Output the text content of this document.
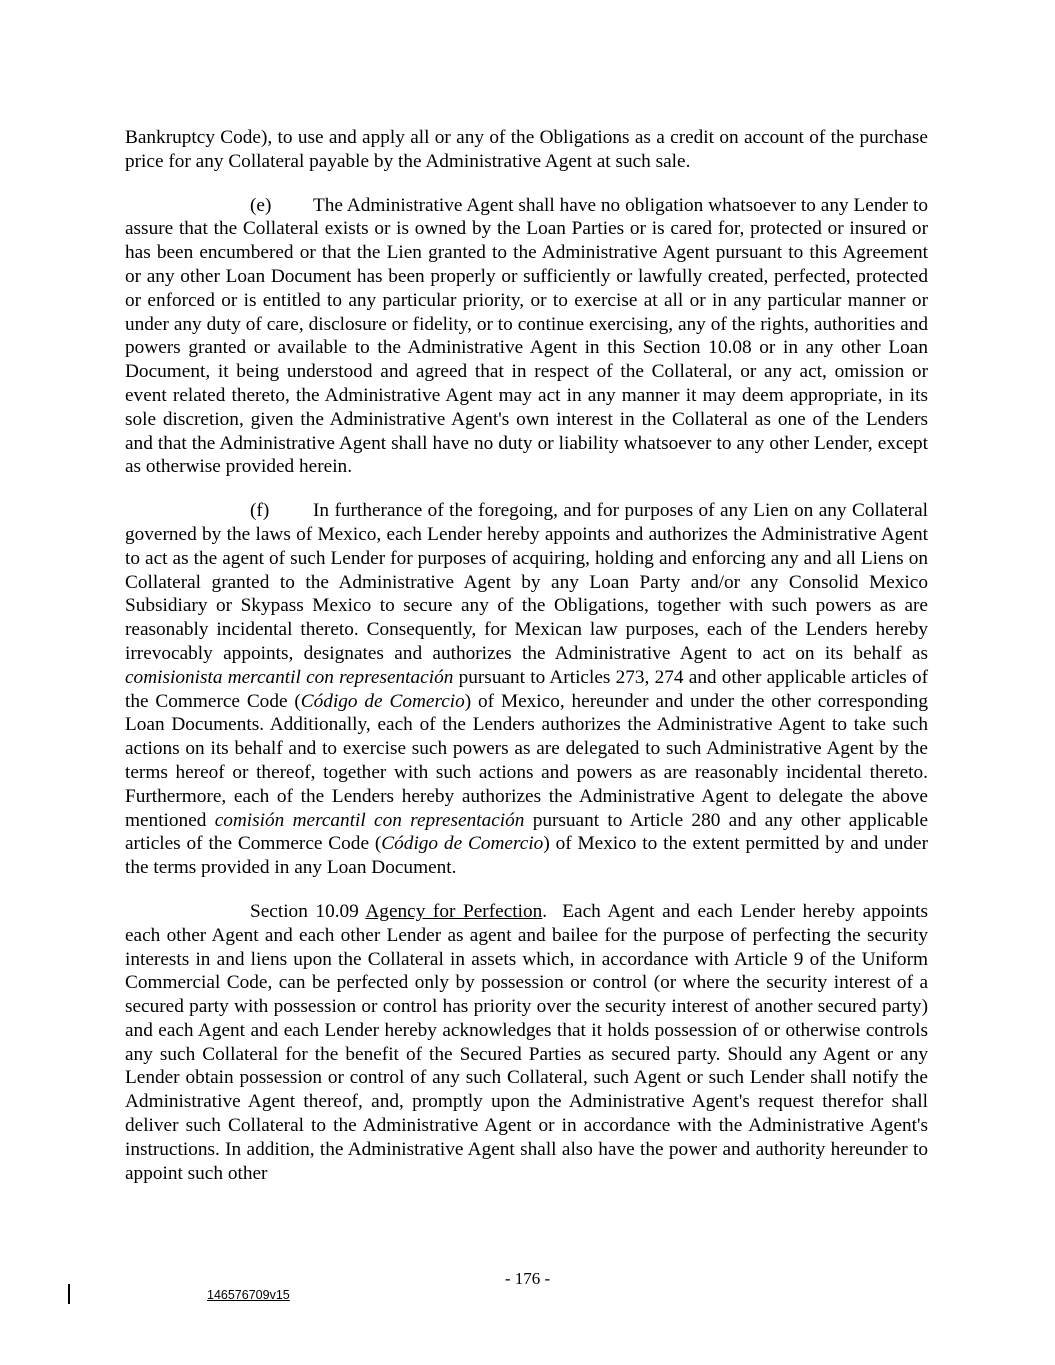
Bankruptcy Code), to use and apply all or any of the Obligations as a credit on account of the purchase price for any Collateral payable by the Administrative Agent at such sale.

(e) The Administrative Agent shall have no obligation whatsoever to any Lender to assure that the Collateral exists or is owned by the Loan Parties or is cared for, protected or insured or has been encumbered or that the Lien granted to the Administrative Agent pursuant to this Agreement or any other Loan Document has been properly or sufficiently or lawfully created, perfected, protected or enforced or is entitled to any particular priority, or to exercise at all or in any particular manner or under any duty of care, disclosure or fidelity, or to continue exercising, any of the rights, authorities and powers granted or available to the Administrative Agent in this Section 10.08 or in any other Loan Document, it being understood and agreed that in respect of the Collateral, or any act, omission or event related thereto, the Administrative Agent may act in any manner it may deem appropriate, in its sole discretion, given the Administrative Agent's own interest in the Collateral as one of the Lenders and that the Administrative Agent shall have no duty or liability whatsoever to any other Lender, except as otherwise provided herein.

(f) In furtherance of the foregoing, and for purposes of any Lien on any Collateral governed by the laws of Mexico, each Lender hereby appoints and authorizes the Administrative Agent to act as the agent of such Lender for purposes of acquiring, holding and enforcing any and all Liens on Collateral granted to the Administrative Agent by any Loan Party and/or any Consolid Mexico Subsidiary or Skypass Mexico to secure any of the Obligations, together with such powers as are reasonably incidental thereto. Consequently, for Mexican law purposes, each of the Lenders hereby irrevocably appoints, designates and authorizes the Administrative Agent to act on its behalf as comisionista mercantil con representación pursuant to Articles 273, 274 and other applicable articles of the Commerce Code (Código de Comercio) of Mexico, hereunder and under the other corresponding Loan Documents. Additionally, each of the Lenders authorizes the Administrative Agent to take such actions on its behalf and to exercise such powers as are delegated to such Administrative Agent by the terms hereof or thereof, together with such actions and powers as are reasonably incidental thereto. Furthermore, each of the Lenders hereby authorizes the Administrative Agent to delegate the above mentioned comisión mercantil con representación pursuant to Article 280 and any other applicable articles of the Commerce Code (Código de Comercio) of Mexico to the extent permitted by and under the terms provided in any Loan Document.

Section 10.09 Agency for Perfection. Each Agent and each Lender hereby appoints each other Agent and each other Lender as agent and bailee for the purpose of perfecting the security interests in and liens upon the Collateral in assets which, in accordance with Article 9 of the Uniform Commercial Code, can be perfected only by possession or control (or where the security interest of a secured party with possession or control has priority over the security interest of another secured party) and each Agent and each Lender hereby acknowledges that it holds possession of or otherwise controls any such Collateral for the benefit of the Secured Parties as secured party. Should any Agent or any Lender obtain possession or control of any such Collateral, such Agent or such Lender shall notify the Administrative Agent thereof, and, promptly upon the Administrative Agent's request therefor shall deliver such Collateral to the Administrative Agent or in accordance with the Administrative Agent's instructions. In addition, the Administrative Agent shall also have the power and authority hereunder to appoint such other

- 176 -
146576709v15
